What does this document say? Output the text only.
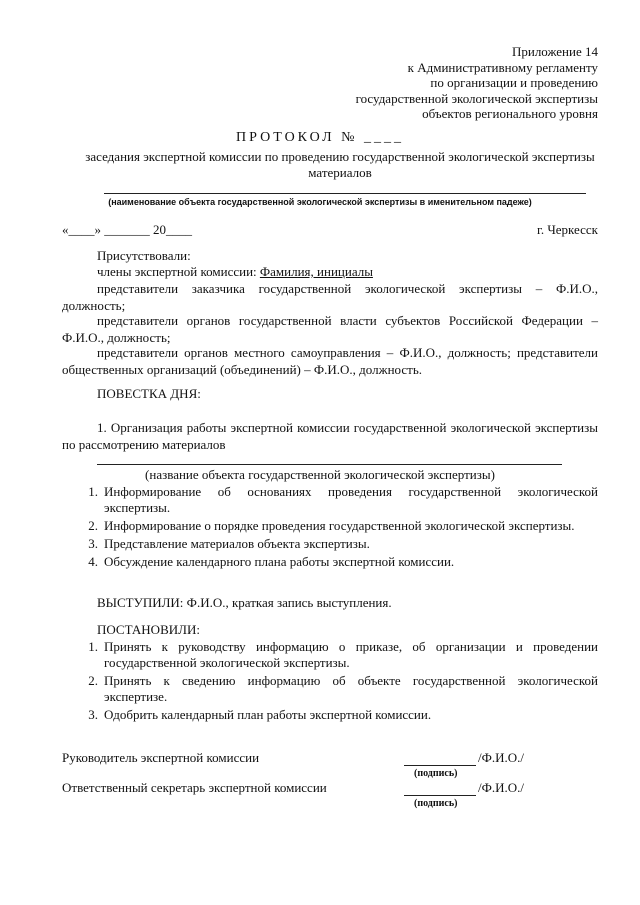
Приложение 14
к Административному регламенту
по организации и проведению
государственной экологической экспертизы
объектов регионального уровня
ПРОТОКОЛ № ____
заседания экспертной комиссии по проведению государственной экологической экспертизы материалов
(наименование объекта государственной экологической экспертизы в именительном падеже)
«____» _______ 20____	г. Черкесск
Присутствовали:
члены экспертной комиссии: Фамилия, инициалы
представители заказчика государственной экологической экспертизы – Ф.И.О., должность;
представители органов государственной власти субъектов Российской Федерации – Ф.И.О., должность;
представители органов местного самоуправления – Ф.И.О., должность; представители общественных организаций (объединений) – Ф.И.О., должность.
ПОВЕСТКА ДНЯ:
1. Организация работы экспертной комиссии государственной экологической экспертизы по рассмотрению материалов
(название объекта государственной экологической экспертизы)
1. Информирование об основаниях проведения государственной экологической экспертизы.
2. Информирование о порядке проведения государственной экологической экспертизы.
3. Представление материалов объекта экспертизы.
4. Обсуждение календарного плана работы экспертной комиссии.
ВЫСТУПИЛИ: Ф.И.О., краткая запись выступления.
ПОСТАНОВИЛИ:
1. Принять к руководству информацию о приказе, об организации и проведении государственной экологической экспертизы.
2. Принять к сведению информацию об объекте государственной экологической экспертизе.
3. Одобрить календарный план работы экспертной комиссии.
Руководитель экспертной комиссии	/Ф.И.О./
(подпись)
Ответственный секретарь экспертной комиссии	/Ф.И.О./
(подпись)
